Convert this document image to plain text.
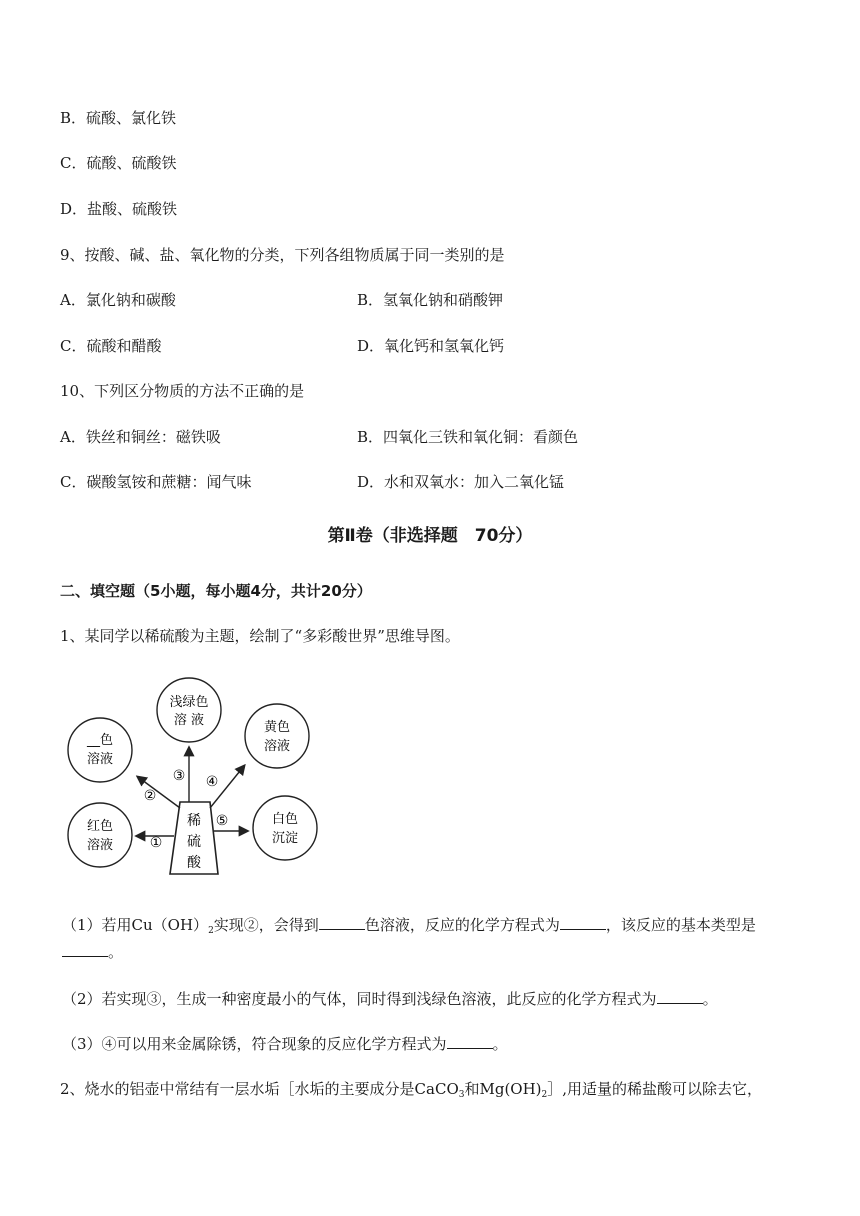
B．硫酸、氯化铁
C．硫酸、硫酸铁
D．盐酸、硫酸铁
9、按酸、碱、盐、氧化物的分类，下列各组物质属于同一类别的是
A．氯化钠和碳酸	B．氢氧化钠和硝酸钾
C．硫酸和醋酸	D．氧化钙和氢氧化钙
10、下列区分物质的方法不正确的是
A．铁丝和铜丝：磁铁吸	B．四氧化三铁和氧化铜：看颜色
C．碳酸氢铵和蔗糖：闻气味	D．水和双氧水：加入二氧化锰
第Ⅱ卷（非选择题　70分）
二、填空题（5小题，每小题4分，共计20分）
1、某同学以稀硫酸为主题，绘制了“多彩酸世界”思维导图。
稀
硫
酸
浅绿色
溶 液
__色
溶液
黄色
溶液
红色
溶液
白色
沉淀
①
②
③ ④
⑤
（1）若用$Cu(OH)_2$实现②，会得到	色溶液，反应的化学方程式为	，该反应的基本类型是
。
（2）若实现③，生成一种密度最小的气体，同时得到浅绿色溶液，此反应的化学方程式为	。
（3）④可以用来金属除锈，符合现象的反应化学方程式为	。
2、烧水的铝壶中常结有一层水垢［水垢的主要成分是CaCO$_3$和$Mg(OH)_2]$,用适量的稀盐酸可以除去它，
